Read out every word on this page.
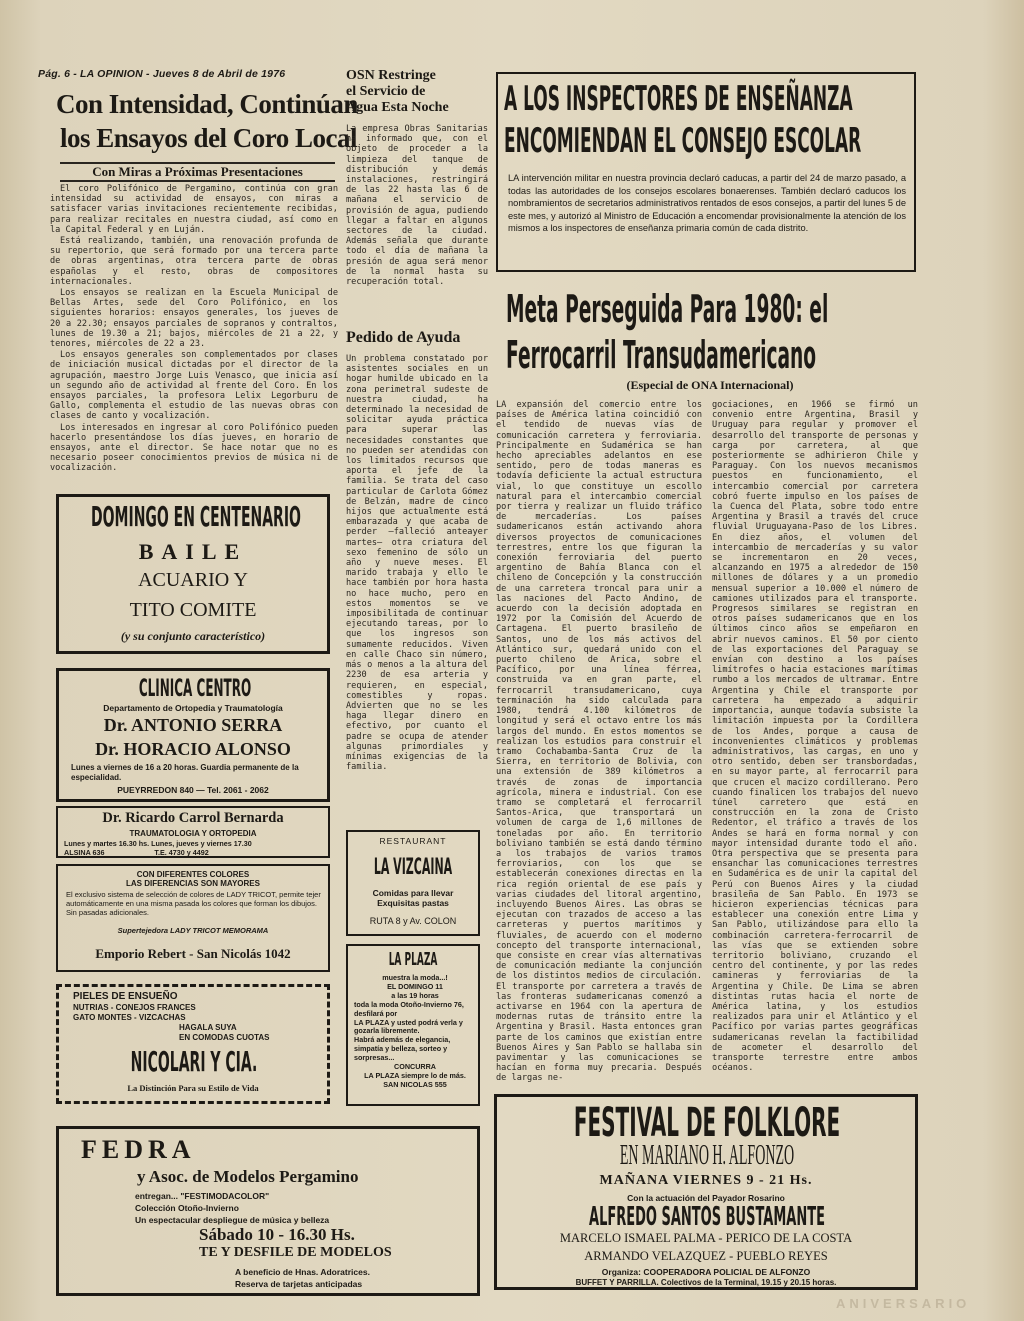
Pág. 6 - LA OPINION - Jueves 8 de Abril de 1976
Con Intensidad, Continúan
los Ensayos del Coro Local
Con Miras a Próximas Presentaciones

El coro Polifónico de Pergamino, continúa con gran intensidad su actividad de ensayos, con miras a satisfacer varias invitaciones recientemente recibidas, para realizar recitales en nuestra ciudad, así como en la Capital Federal y en Luján.

Está realizando, también, una renovación profunda de su repertorio, que será formado por una tercera parte de obras argentinas, otra tercera parte de obras españolas y el resto, obras de compositores internacionales.

Los ensayos se realizan en la Escuela Municipal de Bellas Artes, sede del Coro Polifónico, en los siguientes horarios: ensayos generales, los jueves de 20 a 22.30; ensayos parciales de sopranos y contraltos, lunes de 19.30 a 21; bajos, miércoles de 21 a 22, y tenores, miércoles de 22 a 23.

Los ensayos generales son complementados por clases de iniciación musical dictadas por el director de la agrupación, maestro Jorge Luis Venasco, que inicia así un segundo año de actividad al frente del Coro. En los ensayos parciales, la profesora Lelix Legorburu de Gallo, complementa el estudio de las nuevas obras con clases de canto y vocalización.

Los interesados en ingresar al coro Polifónico pueden hacerlo presentándose los días jueves, en horario de ensayos, ante el director. Se hace notar que no es necesario poseer conocimientos previos de música ni de vocalización.

OSN Restringe
el Servicio de
Agua Esta Noche
La empresa Obras Sanitarias ha informado que, con el objeto de proceder a la limpieza del tanque de distribución y demás instalaciones, restringirá de las 22 hasta las 6 de mañana el servicio de provisión de agua, pudiendo llegar a faltar en algunos sectores de la ciudad. Además señala que durante todo el día de mañana la presión de agua será menor de la normal hasta su recuperación total.
Pedido de Ayuda
Un problema constatado por asistentes sociales en un hogar humilde ubicado en la zona perimetral sudeste de nuestra ciudad, ha determinado la necesidad de solicitar ayuda práctica para superar las necesidades constantes que no pueden ser atendidas con los limitados recursos que aporta el jefe de la familia. Se trata del caso particular de Carlota Gómez de Belzán, madre de cinco hijos que actualmente está embarazada y que acaba de perder —falleció anteayer martes— otra criatura del sexo femenino de sólo un año y nueve meses. El marido trabaja y ello le hace también por hora hasta no hace mucho, pero en estos momentos se ve imposibilitada de continuar ejecutando tareas, por lo que los ingresos son sumamente reducidos. Viven en calle Chaco sin número, más o menos a la altura del 2230 de esa arteria y requieren, en especial, comestibles y ropas. Advierten que no se les haga llegar dinero en efectivo, por cuanto el padre se ocupa de atender algunas primordiales y mínimas exigencias de la familia.
A LOS INSPECTORES DE ENSEÑANZA
ENCOMIENDAN EL CONSEJO ESCOLAR
LA intervención militar en nuestra provincia declaró caducas, a partir del 24 de marzo pasado, a todas las autoridades de los consejos escolares bonaerenses. También declaró caducos los nombramientos de secretarios administrativos rentados de esos consejos, a partir del lunes 5 de este mes, y autorizó al Ministro de Educación a encomendar provisionalmente la atención de los mismos a los inspectores de enseñanza primaria común de cada distrito.
Meta Perseguida Para 1980: el
Ferrocarril Transudamericano
(Especial de ONA Internacional)
LA expansión del comercio entre los países de América latina coincidió con el tendido de nuevas vías de comunicación carretera y ferroviaria. Principalmente en Sudamérica se han hecho apreciables adelantos en ese sentido, pero de todas maneras es todavía deficiente la actual estructura vial, lo que constituye un escollo natural para el intercambio comercial por tierra y realizar un fluido tráfico de mercaderías. Los países sudamericanos están activando ahora diversos proyectos de comunicaciones terrestres, entre los que figuran la conexión ferroviaria del puerto argentino de Bahía Blanca con el chileno de Concepción y la construcción de una carretera troncal para unir a las naciones del Pacto Andino, de acuerdo con la decisión adoptada en 1972 por la Comisión del Acuerdo de Cartagena. El puerto brasileño de Santos, uno de los más activos del Atlántico sur, quedará unido con el puerto chileno de Arica, sobre el Pacífico, por una línea férrea, construida va en gran parte, el ferrocarril transudamericano, cuya terminación ha sido calculada para 1980, tendrá 4.100 kilómetros de longitud y será el octavo entre los más largos del mundo. En estos momentos se realizan los estudios para construir el tramo Cochabamba-Santa Cruz de la Sierra, en territorio de Bolivia, con una extensión de 389 kilómetros a través de zonas de importancia agrícola, minera e industrial. Con ese tramo se completará el ferrocarril Santos-Arica, que transportará un volumen de carga de 1,6 millones de toneladas por año. En territorio boliviano también se está dando término a los trabajos de varios tramos ferroviarios, con los que se establecerán conexiones directas en la rica región oriental de ese país y varias ciudades del litoral argentino, incluyendo Buenos Aires. Las obras se ejecutan con trazados de acceso a las carreteras y puertos marítimos y fluviales, de acuerdo con el moderno concepto del transporte internacional, que consiste en crear vías alternativas de comunicación mediante la conjunción de los distintos medios de circulación. El transporte por carretera a través de las fronteras sudamericanas comenzó a activarse en 1964 con la apertura de modernas rutas de tránsito entre la Argentina y Brasil. Hasta entonces gran parte de los caminos que existían entre Buenos Aires y San Pablo se hallaba sin pavimentar y las comunicaciones se hacían en forma muy precaria. Después de largas ne-
gociaciones, en 1966 se firmó un convenio entre Argentina, Brasil y Uruguay para regular y promover el desarrollo del transporte de personas y carga por carretera, al que posteriormente se adhirieron Chile y Paraguay. Con los nuevos mecanismos puestos en funcionamiento, el intercambio comercial por carretera cobró fuerte impulso en los países de la Cuenca del Plata, sobre todo entre Argentina y Brasil a través del cruce fluvial Uruguayana-Paso de los Libres. En diez años, el volumen del intercambio de mercaderías y su valor se incrementaron en 20 veces, alcanzando en 1975 a alrededor de 150 millones de dólares y a un promedio mensual superior a 10.000 el número de camiones utilizados para el transporte. Progresos similares se registran en otros países sudamericanos que en los últimos cinco años se empeñaron en abrir nuevos caminos. El 50 por ciento de las exportaciones del Paraguay se envían con destino a los países limítrofes o hacia estaciones marítimas rumbo a los mercados de ultramar. Entre Argentina y Chile el transporte por carretera ha empezado a adquirir importancia, aunque todavía subsiste la limitación impuesta por la Cordillera de los Andes, porque a causa de inconvenientes climáticos y problemas administrativos, las cargas, en uno y otro sentido, deben ser transbordadas, en su mayor parte, al ferrocarril para que crucen el macizo cordillerano. Pero cuando finalicen los trabajos del nuevo túnel carretero que está en construcción en la zona de Cristo Redentor, el tráfico a través de los Andes se hará en forma normal y con mayor intensidad durante todo el año. Otra perspectiva que se presenta para ensanchar las comunicaciones terrestres en Sudamérica es de unir la capital del Perú con Buenos Aires y la ciudad brasileña de San Pablo. En 1973 se hicieron experiencias técnicas para establecer una conexión entre Lima y San Pablo, utilizándose para ello la combinación carretera-ferrocarril de las vías que se extienden sobre territorio boliviano, cruzando el centro del continente, y por las redes camineras y ferroviarias de la Argentina y Chile. De Lima se abren distintas rutas hacia el norte de América latina, y los estudios realizados para unir el Atlántico y el Pacífico por varias partes geográficas sudamericanas revelan la factibilidad de acometer el desarrollo del transporte terrestre entre ambos océanos.
DOMINGO EN CENTENARIO
BAILE
ACUARIO Y
TITO COMITE
(y su conjunto característico)
CLINICA CENTRO
Departamento de Ortopedia y Traumatología
Dr. ANTONIO SERRA
Dr. HORACIO ALONSO
Lunes a viernes de 16 a 20 horas. Guardia permanente de la especialidad.
PUEYRREDON 840 — Tel. 2061 - 2062
Dr. Ricardo Carrol Bernarda
TRAUMATOLOGIA Y ORTOPEDIA
Lunes y martes 16.30 hs. Lunes, jueves y viernes 17.30
ALSINA 636                         T.E. 4730 y 4492
CON DIFERENTES COLORES
LAS DIFERENCIAS SON MAYORES
El exclusivo sistema de selección de colores de LADY TRICOT, permite tejer automáticamente en una misma pasada los colores que forman los dibujos. Sin pasadas adicionales.
Supertejedora LADY TRICOT MEMORAMA
Emporio Rebert - San Nicolás 1042
PIELES DE ENSUEÑO
NUTRIAS - CONEJOS FRANCES
GATO MONTES - VIZCACHAS
HAGALA SUYA
EN COMODAS CUOTAS
NICOLARI Y CIA.
La Distinción Para su Estilo de Vida
FEDRA
y Asoc. de Modelos Pergamino
entregan... "FESTIMODACOLOR"
Colección Otoño-Invierno
Un espectacular despliegue de música y belleza
Sábado 10 - 16.30 Hs.
TE Y DESFILE DE MODELOS
A beneficio de Hnas. Adoratrices.
Reserva de tarjetas anticipadas
RESTAURANT
LA VIZCAINA
Comidas para llevar
Exquisitas pastas
RUTA 8 y Av. COLON
LA PLAZA
muestra la moda...!
EL DOMINGO 11
a las 19 horas
toda la moda Otoño-Invierno 76, desfilará por
LA PLAZA y usted podrá verla y gozarla libremente.
Habrá además de elegancia, simpatía y belleza, sorteo y sorpresas...
CONCURRA
LA PLAZA siempre lo de más.
SAN NICOLAS 555
FESTIVAL DE FOLKLORE
EN MARIANO H. ALFONZO
MAÑANA VIERNES 9 - 21 Hs.
Con la actuación del Payador Rosarino
ALFREDO SANTOS BUSTAMANTE
MARCELO ISMAEL PALMA - PERICO DE LA COSTA
ARMANDO VELAZQUEZ - PUEBLO REYES
Organiza: COOPERADORA POLICIAL DE ALFONZO
BUFFET Y PARRILLA. Colectivos de la Terminal, 19.15 y 20.15 horas.
ANIVERSARIO
